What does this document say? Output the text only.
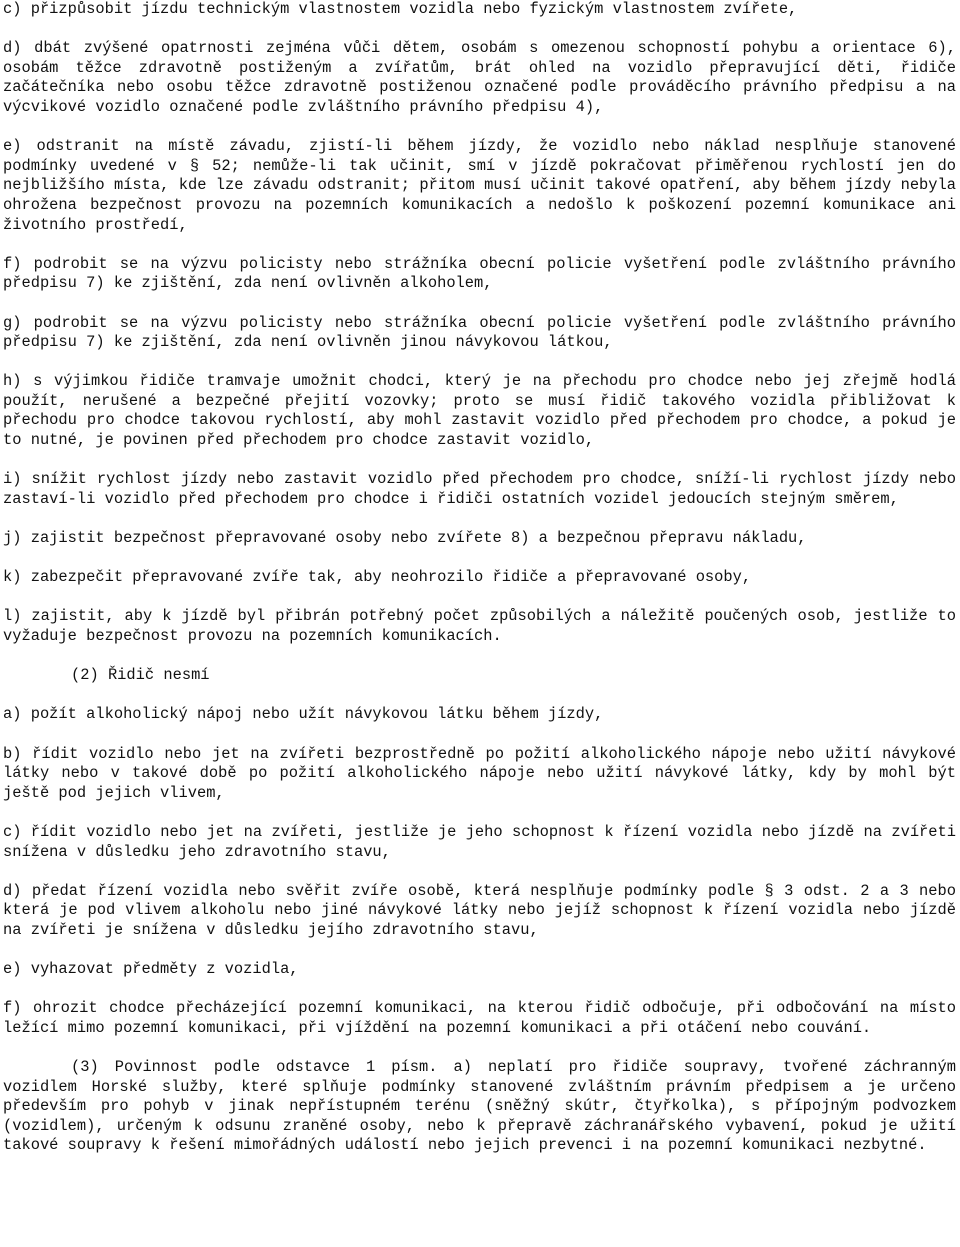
c) přizpůsobit jízdu technickým vlastnostem vozidla nebo fyzickým vlastnostem zvířete,

d) dbát zvýšené opatrnosti zejména vůči dětem, osobám s omezenou schopností pohybu a orientace 6), osobám těžce zdravotně postiženým a zvířatům, brát ohled na vozidlo přepravující děti, řidiče začátečníka nebo osobu těžce zdravotně postiženou označené podle prováděcího právního předpisu a na výcvikové vozidlo označené podle zvláštního právního předpisu 4),

e) odstranit na místě závadu, zjistí-li během jízdy, že vozidlo nebo náklad nesplňuje stanovené podmínky uvedené v § 52; nemůže-li tak učinit, smí v jízdě pokračovat přiměřenou rychlostí jen do nejbližšího místa, kde lze závadu odstranit; přitom musí učinit takové opatření, aby během jízdy nebyla ohrožena bezpečnost provozu na pozemních komunikacích a nedošlo k poškození pozemní komunikace ani životního prostředí,

f) podrobit se na výzvu policisty nebo strážníka obecní policie vyšetření podle zvláštního právního předpisu 7) ke zjištění, zda není ovlivněn alkoholem,

g) podrobit se na výzvu policisty nebo strážníka obecní policie vyšetření podle zvláštního právního předpisu 7) ke zjištění, zda není ovlivněn jinou návykovou látkou,

h) s výjimkou řidiče tramvaje umožnit chodci, který je na přechodu pro chodce nebo jej zřejmě hodlá použít, nerušené a bezpečné přejití vozovky; proto se musí řidič takového vozidla přibližovat k přechodu pro chodce takovou rychlostí, aby mohl zastavit vozidlo před přechodem pro chodce, a pokud je to nutné, je povinen před přechodem pro chodce zastavit vozidlo,

i) snížit rychlost jízdy nebo zastavit vozidlo před přechodem pro chodce, sníží-li rychlost jízdy nebo zastaví-li vozidlo před přechodem pro chodce i řidiči ostatních vozidel jedoucích stejným směrem,

j) zajistit bezpečnost přepravované osoby nebo zvířete 8) a bezpečnou přepravu nákladu,

k) zabezpečit přepravované zvíře tak, aby neohrozilo řidiče a přepravované osoby,

l) zajistit, aby k jízdě byl přibrán potřebný počet způsobilých a náležitě poučených osob, jestliže to vyžaduje bezpečnost provozu na pozemních komunikacích.

(2) Řidič nesmí

a) požít alkoholický nápoj nebo užít návykovou látku během jízdy,

b) řídit vozidlo nebo jet na zvířeti bezprostředně po požití alkoholického nápoje nebo užití návykové látky nebo v takové době po požití alkoholického nápoje nebo užití návykové látky, kdy by mohl být ještě pod jejich vlivem,

c) řídit vozidlo nebo jet na zvířeti, jestliže je jeho schopnost k řízení vozidla nebo jízdě na zvířeti snížena v důsledku jeho zdravotního stavu,

d) předat řízení vozidla nebo svěřit zvíře osobě, která nesplňuje podmínky podle § 3 odst. 2 a 3 nebo která je pod vlivem alkoholu nebo jiné návykové látky nebo jejíž schopnost k řízení vozidla nebo jízdě na zvířeti je snížena v důsledku jejího zdravotního stavu,

e) vyhazovat předměty z vozidla,

f) ohrozit chodce přecházející pozemní komunikaci, na kterou řidič odbočuje, při odbočování na místo ležící mimo pozemní komunikaci, při vjíždění na pozemní komunikaci a při otáčení nebo couvání.

(3) Povinnost podle odstavce 1 písm. a) neplatí pro řidiče soupravy, tvořené záchranným vozidlem Horské služby, které splňuje podmínky stanovené zvláštním právním předpisem a je určeno především pro pohyb v jinak nepřístupném terénu (sněžný skútr, čtyřkolka), s přípojným podvozkem (vozidlem), určeným k odsunu zraněné osoby, nebo k přepravě záchranářského vybavení, pokud je užití takové soupravy k řešení mimořádných událostí nebo jejich prevenci i na pozemní komunikaci nezbytné.
